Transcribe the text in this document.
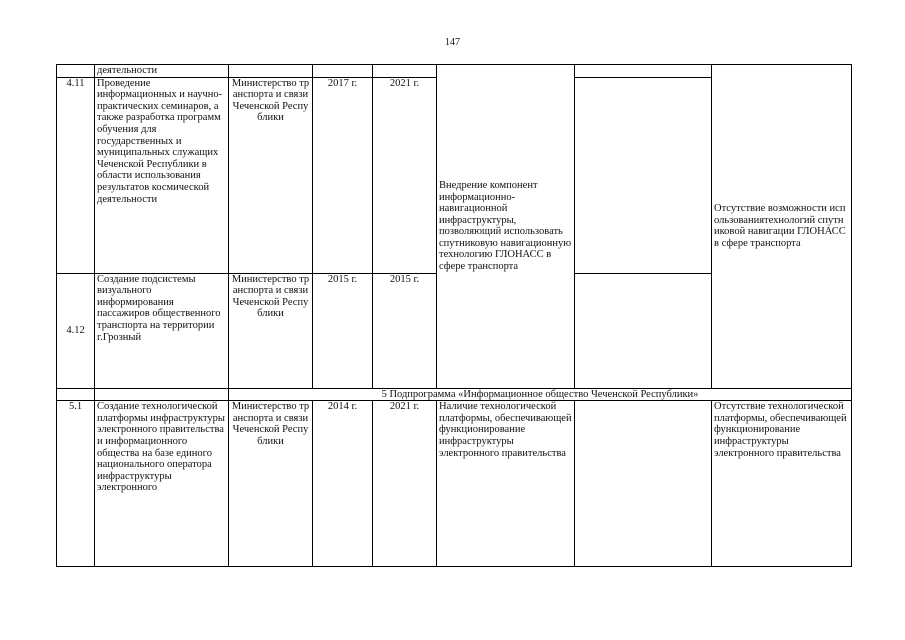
147
	деятельности				Внедрение компонент информационно-навигационной инфраструктуры, позволяющий использовать спутниковую навигационную технологию ГЛОНАСС в сфере транспорта		Отсутствие возможности использованиятехнологий спутниковой навигации ГЛОНАСС в сфере транспорта
4.11	Проведение информационных и научно-практических семинаров, а также разработка программ обучения для государственных и муниципальных служащих Чеченской Республики в области использования результатов космической деятельности	Министерство транспорта и связи Чеченской Республики	2017 г.	2021 г.			
4.12	Создание подсистемы визуального информирования пассажиров общественного транспорта на территории г.Грозный	Министерство транспорта и связи Чеченской Республики	2015 г.	2015 г.			
		5 Подпрограмма «Информационное общество Чеченской Республики»					
5.1	Создание технологической платформы инфраструктуры электронного правительства и информационного общества на базе единого национального оператора инфраструктуры электронного	Министерство транспорта и связи Чеченской Республики	2014 г.	2021 г.	Наличие технологической платформы, обеспечивающей функционирование инфраструктуры электронного правительства		Отсутствие технологической платформы, обеспечивающей функционирование инфраструктуры электронного правительства
